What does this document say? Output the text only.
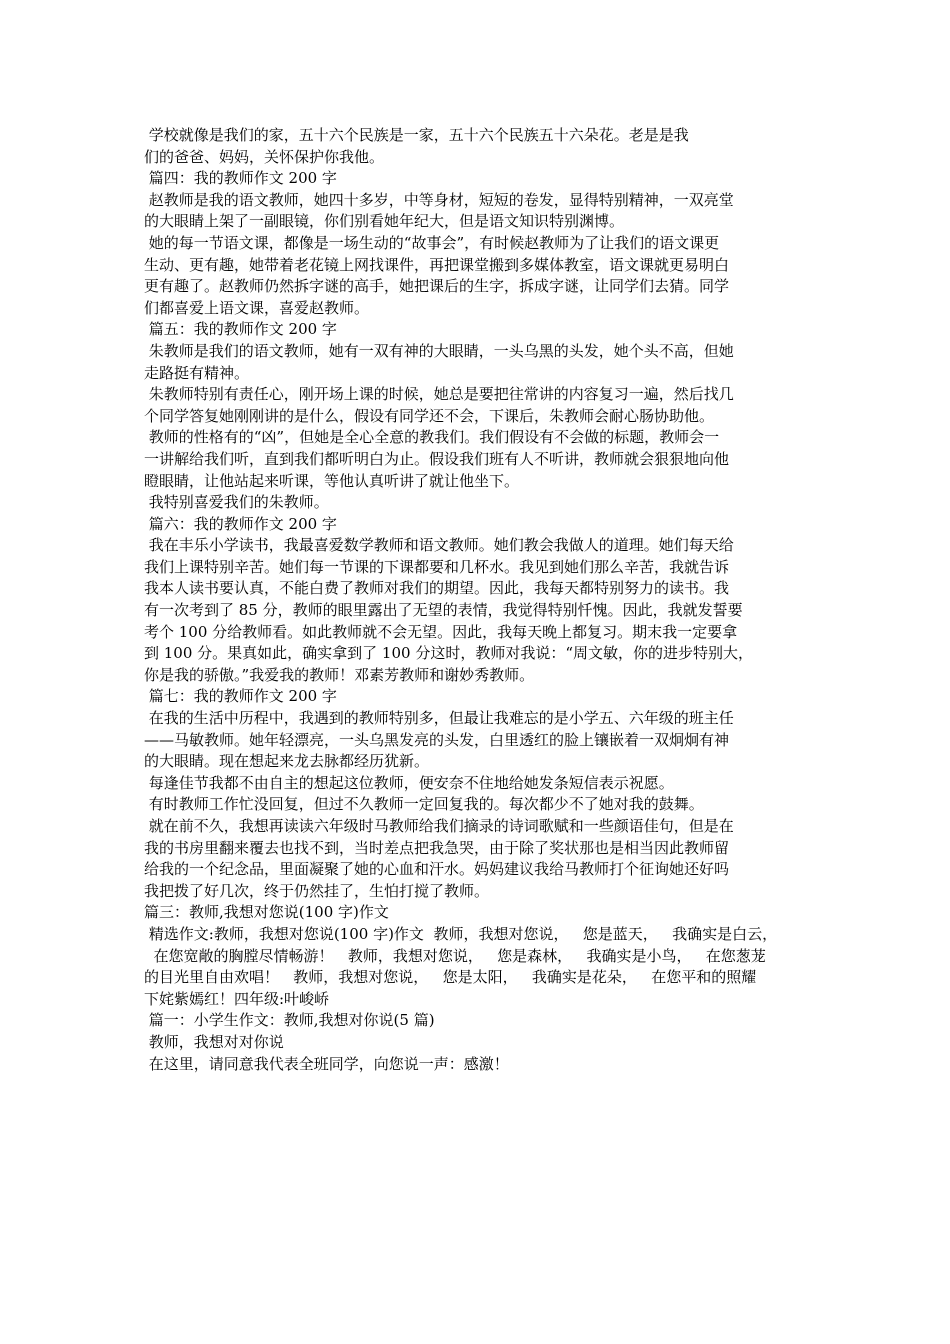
学校就像是我们的家，五十六个民族是一家，五十六个民族五十六朵花。老是是我
们的爸爸、妈妈，关怀保护你我他。
篇四：我的教师作文 200 字
赵教师是我的语文教师，她四十多岁，中等身材，短短的卷发，显得特别精神，一双亮堂
的大眼睛上架了一副眼镜，你们别看她年纪大，但是语文知识特别渊博。
她的每一节语文课，都像是一场生动的“故事会”，有时候赵教师为了让我们的语文课更
生动、更有趣，她带着老花镜上网找课件，再把课堂搬到多媒体教室，语文课就更易明白
更有趣了。赵教师仍然拆字谜的高手，她把课后的生字，拆成字谜，让同学们去猜。同学
们都喜爱上语文课，喜爱赵教师。
篇五：我的教师作文 200 字
朱教师是我们的语文教师，她有一双有神的大眼睛，一头乌黑的头发，她个头不高，但她
走路挺有精神。
朱教师特别有责任心，刚开场上课的时候，她总是要把往常讲的内容复习一遍，然后找几
个同学答复她刚刚讲的是什么，假设有同学还不会，下课后，朱教师会耐心肠协助他。
教师的性格有的“凶”，但她是全心全意的教我们。我们假设有不会做的标题，教师会一
一讲解给我们听，直到我们都听明白为止。假设我们班有人不听讲，教师就会狠狠地向他
瞪眼睛，让他站起来听课，等他认真听讲了就让他坐下。
我特别喜爱我们的朱教师。
篇六：我的教师作文 200 字
我在丰乐小学读书，我最喜爱数学教师和语文教师。她们教会我做人的道理。她们每天给
我们上课特别辛苦。她们每一节课的下课都要和几杯水。我见到她们那么辛苦，我就告诉
我本人读书要认真，不能白费了教师对我们的期望。因此，我每天都特别努力的读书。我
有一次考到了 85 分，教师的眼里露出了无望的表情，我觉得特别忏愧。因此，我就发誓要
考个 100 分给教师看。如此教师就不会无望。因此，我每天晚上都复习。期末我一定要拿
到 100 分。果真如此，确实拿到了 100 分这时，教师对我说：“周文敏，你的进步特别大，
你是我的骄傲。”我爱我的教师！邓素芳教师和谢妙秀教师。
篇七：我的教师作文 200 字
在我的生活中历程中，我遇到的教师特别多，但最让我难忘的是小学五、六年级的班主任
——马敏教师。她年轻漂亮，一头乌黑发亮的头发，白里透红的脸上镶嵌着一双炯炯有神
的大眼睛。现在想起来龙去脉都经历犹新。
每逢佳节我都不由自主的想起这位教师，便安奈不住地给她发条短信表示祝愿。
有时教师工作忙没回复，但过不久教师一定回复我的。每次都少不了她对我的鼓舞。
就在前不久，我想再读读六年级时马教师给我们摘录的诗词歌赋和一些颜语佳句，但是在
我的书房里翻来覆去也找不到，当时差点把我急哭，由于除了奖状那也是相当因此教师留
给我的一个纪念品，里面凝聚了她的心血和汗水。妈妈建议我给马教师打个征询她还好吗
我把拨了好几次，终于仍然挂了，生怕打搅了教师。
篇三：教师,我想对您说(100 字)作文
精选作文:教师，我想对您说(100 字)作文  教师，我想对您说，   您是蓝天，   我确实是白云，
在您宽敞的胸膛尽情畅游！   教师，我想对您说，   您是森林，   我确实是小鸟，   在您葱茏
的目光里自由欢唱！   教师，我想对您说，   您是太阳，   我确实是花朵，   在您平和的照耀
下姹紫嫣红！四年级:叶峻峤
篇一：小学生作文：教师,我想对你说(5 篇)
教师，我想对对你说
在这里，请同意我代表全班同学，向您说一声：感激！
